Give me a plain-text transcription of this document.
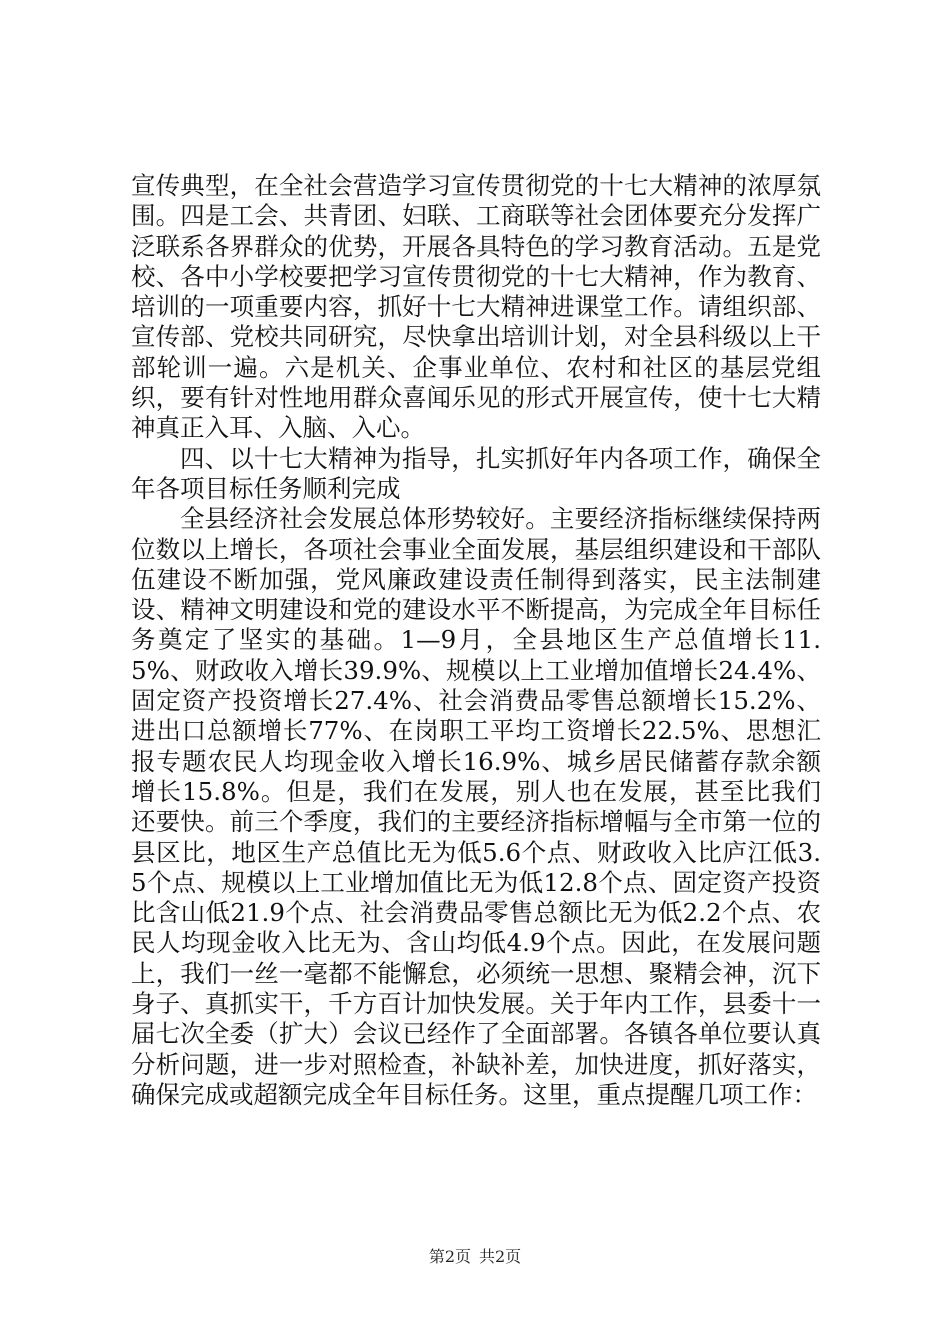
宣传典型，在全社会营造学习宣传贯彻党的十七大精神的浓厚氛围。四是工会、共青团、妇联、工商联等社会团体要充分发挥广泛联系各界群众的优势，开展各具特色的学习教育活动。五是党校、各中小学校要把学习宣传贯彻党的十七大精神，作为教育、培训的一项重要内容，抓好十七大精神进课堂工作。请组织部、宣传部、党校共同研究，尽快拿出培训计划，对全县科级以上干部轮训一遍。六是机关、企事业单位、农村和社区的基层党组织，要有针对性地用群众喜闻乐见的形式开展宣传，使十七大精神真正入耳、入脑、入心。

四、以十七大精神为指导，扎实抓好年内各项工作，确保全年各项目标任务顺利完成

全县经济社会发展总体形势较好。主要经济指标继续保持两位数以上增长，各项社会事业全面发展，基层组织建设和干部队伍建设不断加强，党风廉政建设责任制得到落实，民主法制建设、精神文明建设和党的建设水平不断提高，为完成全年目标任务奠定了坚实的基础。1—9月，全县地区生产总值增长11.5%、财政收入增长39.9%、规模以上工业增加值增长24.4%、固定资产投资增长27.4%、社会消费品零售总额增长15.2%、进出口总额增长77%、在岗职工平均工资增长22.5%、思想汇报专题农民人均现金收入增长16.9%、城乡居民储蓄存款余额增长15.8%。但是，我们在发展，别人也在发展，甚至比我们还要快。前三个季度，我们的主要经济指标增幅与全市第一位的县区比，地区生产总值比无为低5.6个点、财政收入比庐江低3.5个点、规模以上工业增加值比无为低12.8个点、固定资产投资比含山低21.9个点、社会消费品零售总额比无为低2.2个点、农民人均现金收入比无为、含山均低4.9个点。因此，在发展问题上，我们一丝一毫都不能懈怠，必须统一思想、聚精会神，沉下身子、真抓实干，千方百计加快发展。关于年内工作，县委十一届七次全委（扩大）会议已经作了全面部署。各镇各单位要认真分析问题，进一步对照检查，补缺补差，加快进度，抓好落实，确保完成或超额完成全年目标任务。这里，重点提醒几项工作：

第2页 共2页
